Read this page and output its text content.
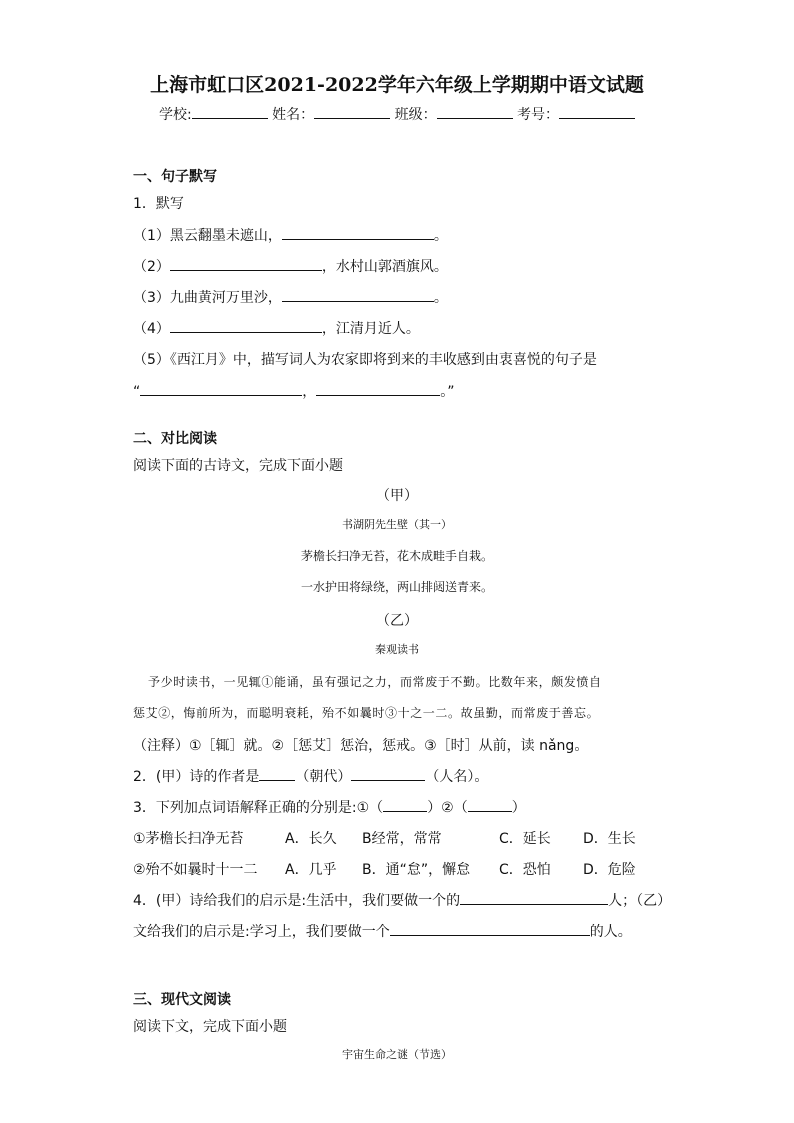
上海市虹口区2021-2022学年六年级上学期期中语文试题
学校:	姓名：	班级：	考号：
一、句子默写
1．默写
（1）黑云翻墨未遮山，	。
（2）	，水村山郭酒旗风。
（3）九曲黄河万里沙，	。
（4）	，江清月近人。
（5）《西江月》中，描写词人为农家即将到来的丰收感到由衷喜悦的句子是
“	，	。”
二、对比阅读
阅读下面的古诗文，完成下面小题
（甲）
书湖阴先生壁（其一）
茅檐长扫净无苔，花木成畦手自栽。
一水护田将绿绕，两山排闼送青来。
（乙）
秦观读书
予少时读书，一见辄①能诵，虽有强记之力，而常废于不勤。比数年来，颇发愤自
惩艾②，悔前所为，而聪明衰耗，殆不如曩时③十之一二。故虽勤，而常废于善忘。
（注释）①［辄］就。②［惩艾］惩治，惩戒。③［时］从前，读 nǎng。
2．(甲）诗的作者是	（朝代）	（人名）。
3．下列加点词语解释正确的分别是:①（	）②（	）
①茅檐长扫净无苔	A．长久 B经常，常常	C．延长 D．生长
②殆不如曩时十一二 A．几乎 B．通“怠”，懈怠 C．恐怕 D．危险
4．(甲）诗给我们的启示是:生活中，我们要做一个的	人；（乙）
文给我们的启示是:学习上，我们要做一个	的人。
三、现代文阅读
阅读下文，完成下面小题
宇宙生命之谜（节选）
